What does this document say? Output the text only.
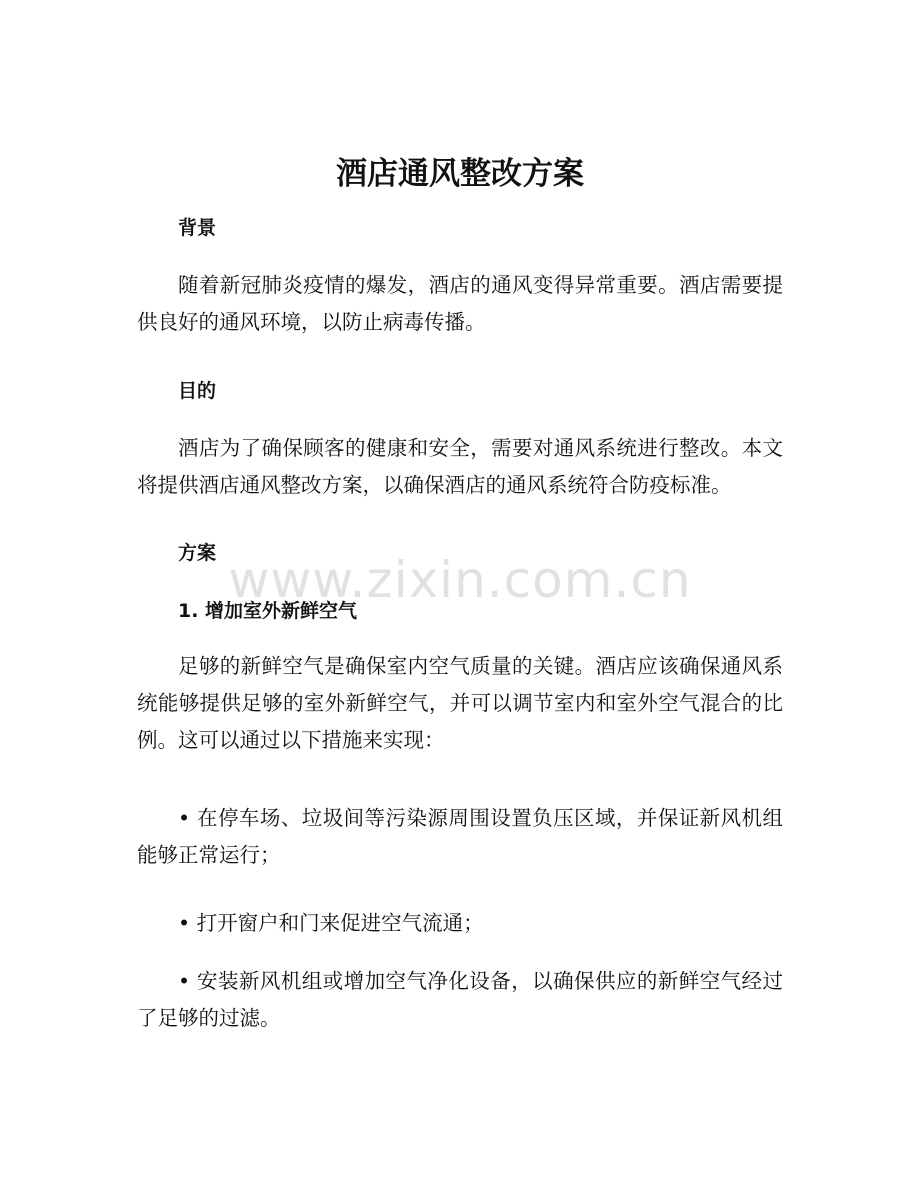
酒店通风整改方案
背景

随着新冠肺炎疫情的爆发，酒店的通风变得异常重要。酒店需要提供良好的通风环境，以防止病毒传播。

目的

酒店为了确保顾客的健康和安全，需要对通风系统进行整改。本文将提供酒店通风整改方案，以确保酒店的通风系统符合防疫标准。

方案
1. 增加室外新鲜空气

足够的新鲜空气是确保室内空气质量的关键。酒店应该确保通风系统能够提供足够的室外新鲜空气，并可以调节室内和室外空气混合的比例。这可以通过以下措施来实现：

• 在停车场、垃圾间等污染源周围设置负压区域，并保证新风机组能够正常运行；

• 打开窗户和门来促进空气流通；

• 安装新风机组或增加空气净化设备，以确保供应的新鲜空气经过了足够的过滤。

www.zixin.com.cn
